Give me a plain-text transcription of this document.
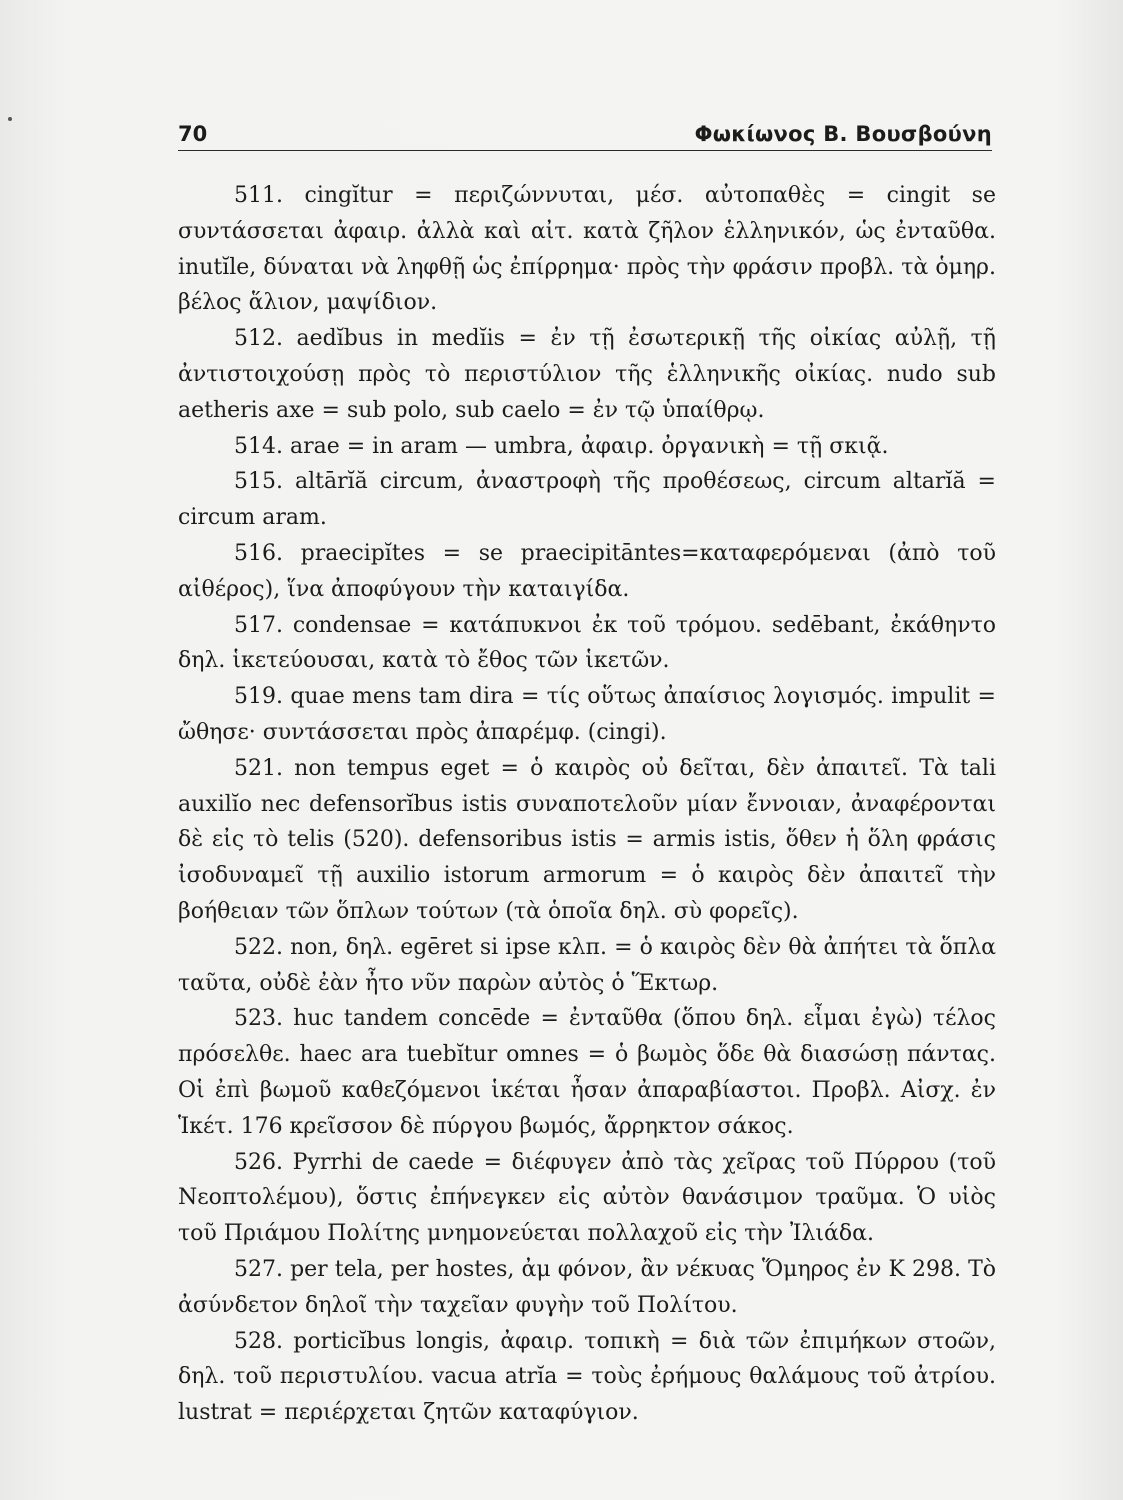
70	Φωκίωνος Β. Βουσβούνη

511. cingĭtur = περιζώννυται, μέσ. αὐτοπαθὲς = cingit se συντάσσεται ἀφαιρ. ἀλλὰ καὶ αἰτ. κατὰ ζῆλον ἑλληνικόν, ὡς ἐνταῦθα. inutĭle, δύναται νὰ ληφθῇ ὡς ἐπίρρημα· πρὸς τὴν φράσιν προβλ. τὰ ὁμηρ. βέλος ἅλιον, μαψίδιον.

512. aedĭbus in medĭis = ἐν τῇ ἐσωτερικῇ τῆς οἰκίας αὐλῇ, τῇ ἀντιστοιχούσῃ πρὸς τὸ περιστύλιον τῆς ἑλληνικῆς οἰκίας. nudo sub aetheris axe = sub polo, sub caelo = ἐν τῷ ὑπαίθρῳ.

514. arae = in aram — umbra, ἀφαιρ. ὀργανικὴ = τῇ σκιᾷ.

515. altārĭă circum, ἀναστροφὴ τῆς προθέσεως, circum altarĭă = circum aram.

516. praecipĭtes = se praecipitāntes=καταφερόμεναι (ἀπὸ τοῦ αἰθέρος), ἵνα ἀποφύγουν τὴν καταιγίδα.

517. condensae = κατάπυκνοι ἐκ τοῦ τρόμου. sedēbant, ἐκάθηντο δηλ. ἱκετεύουσαι, κατὰ τὸ ἔθος τῶν ἱκετῶν.

519. quae mens tam dira = τίς οὕτως ἀπαίσιος λογισμός. impulit = ὤθησε· συντάσσεται πρὸς ἀπαρέμφ. (cingi).

521. non tempus eget = ὁ καιρὸς οὐ δεῖται, δὲν ἀπαιτεῖ. Τὰ tali auxilĭo nec defensorĭbus istis συναποτελοῦν μίαν ἔννοιαν, ἀναφέρονται δὲ εἰς τὸ telis (520). defensoribus istis = armis istis, ὅθεν ἡ ὅλη φράσις ἰσοδυναμεῖ τῇ auxilio istorum armorum = ὁ καιρὸς δὲν ἀπαιτεῖ τὴν βοήθειαν τῶν ὅπλων τούτων (τὰ ὁποῖα δηλ. σὺ φορεῖς).

522. non, δηλ. egēret si ipse κλπ. = ὁ καιρὸς δὲν θὰ ἀπήτει τὰ ὅπλα ταῦτα, οὐδὲ ἐὰν ἦτο νῦν παρὼν αὐτὸς ὁ Ἕκτωρ.

523. huc tandem concēde = ἐνταῦθα (ὅπου δηλ. εἶμαι ἐγὼ) τέλος πρόσελθε. haec ara tuebĭtur omnes = ὁ βωμὸς ὅδε θὰ διασώσῃ πάντας. Οἱ ἐπὶ βωμοῦ καθεζόμενοι ἱκέται ἦσαν ἀπαραβίαστοι. Προβλ. Αἰσχ. ἐν Ἱκέτ. 176 κρεῖσσον δὲ πύργου βωμός, ἄρρηκτον σάκος.

526. Pyrrhi de caede = διέφυγεν ἀπὸ τὰς χεῖρας τοῦ Πύρρου (τοῦ Νεοπτολέμου), ὅστις ἐπήνεγκεν εἰς αὐτὸν θανάσιμον τραῦμα. Ὁ υἱὸς τοῦ Πριάμου Πολίτης μνημονεύεται πολλαχοῦ εἰς τὴν Ἰλιάδα.

527. per tela, per hostes, ἀμ φόνον, ἂν νέκυας Ὅμηρος ἐν Κ 298. Τὸ ἀσύνδετον δηλοῖ τὴν ταχεῖαν φυγὴν τοῦ Πολίτου.

528. porticĭbus longis, ἀφαιρ. τοπικὴ = διὰ τῶν ἐπιμήκων στοῶν, δηλ. τοῦ περιστυλίου. vacua atrĭa = τοὺς ἐρήμους θαλάμους τοῦ ἀτρίου. lustrat = περιέρχεται ζητῶν καταφύγιον.
